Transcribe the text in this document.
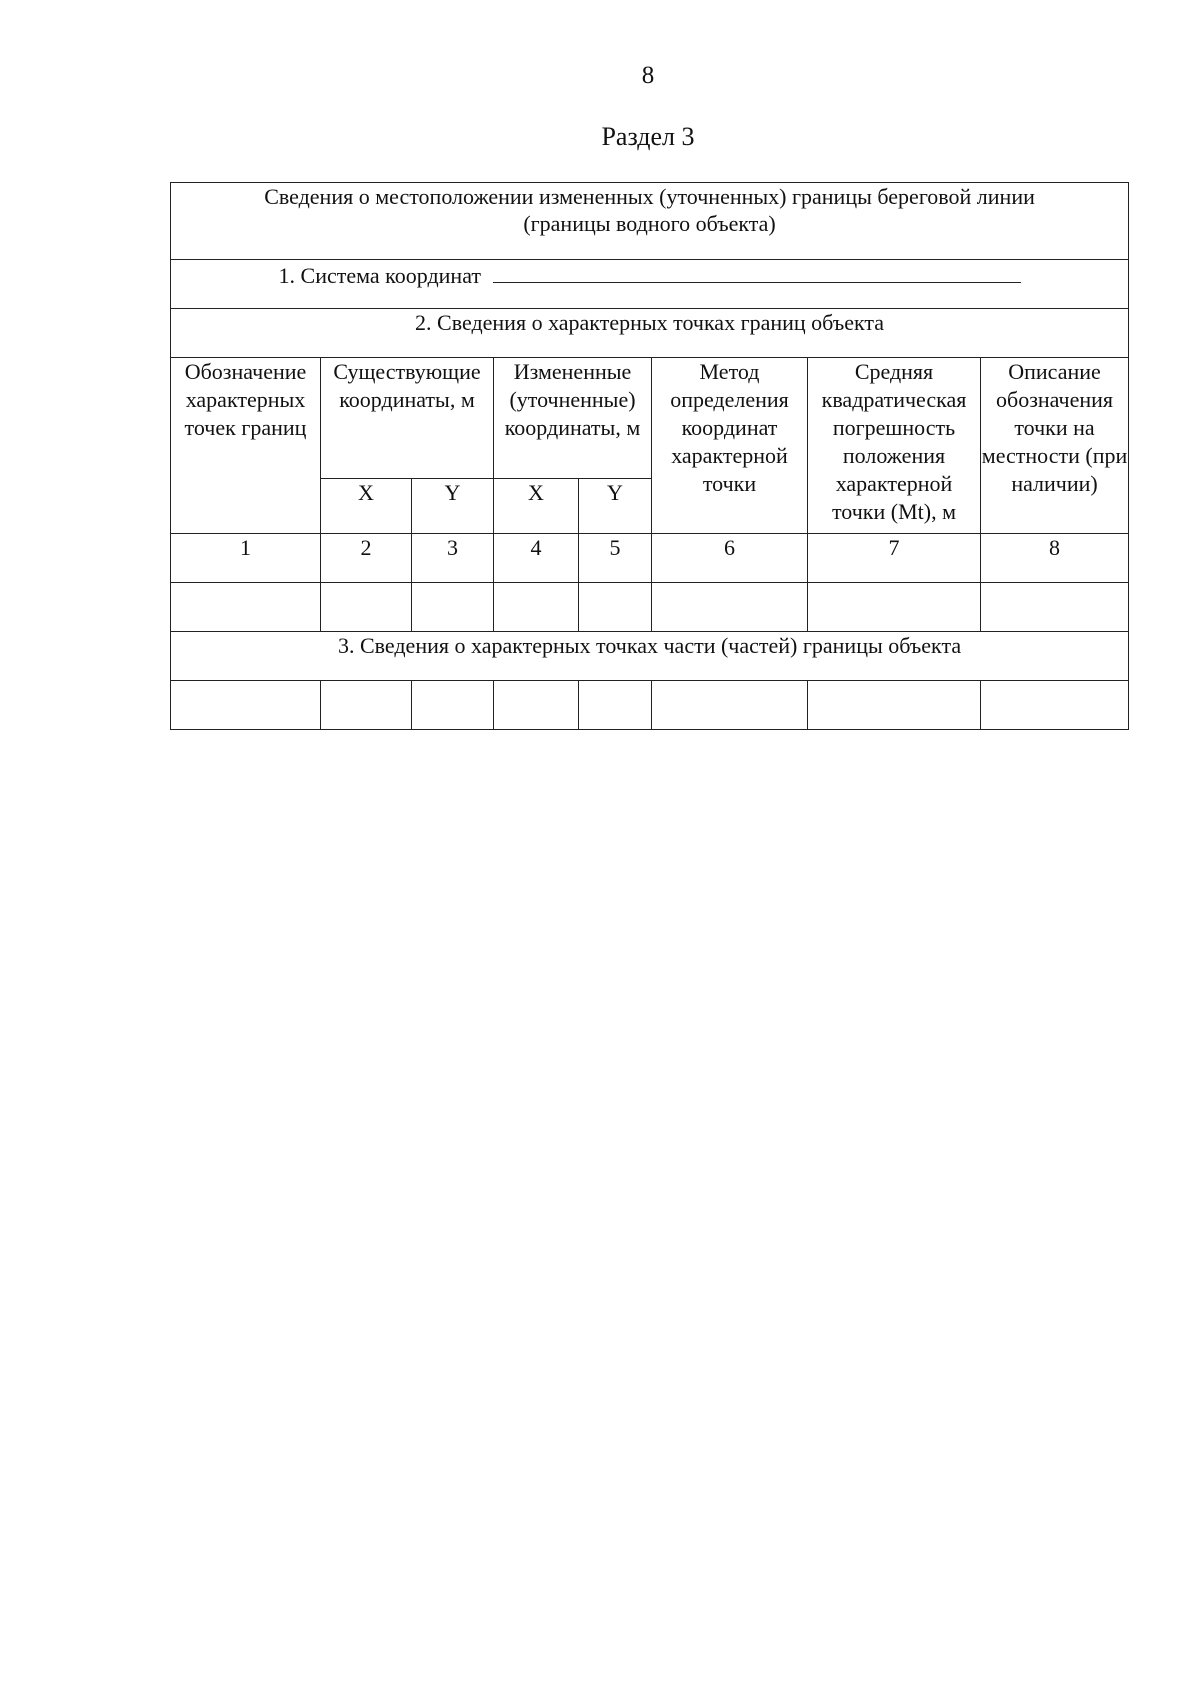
8
Раздел 3
Сведения о местоположении измененных (уточненных) границы береговой линии
(границы водного объекта)							

1. Система координат							
2. Сведения о характерных точках границ объекта							
Обозначение характерных точек границ	Существующие координаты, м		Измененные (уточненные) координаты, м		Метод определения координат характерной точки	Средняя квадратическая погрешность положения характерной точки (Mt), м	Описание обозначения точки на местности (при наличии)
	X	Y	X	Y			
1	2	3	4	5	6	7	8

3. Сведения о характерных точках части (частей) границы объекта							
